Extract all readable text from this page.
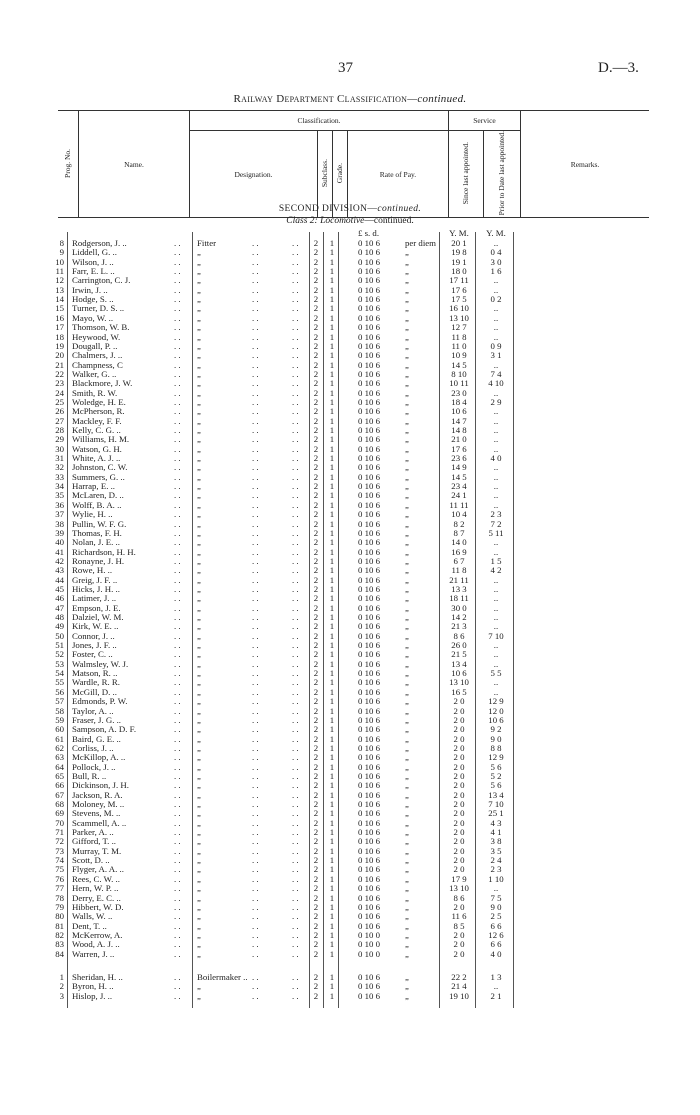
37	D.—3.
Railway Department Classification—continued.
Prog. No.	Name.	Classification.				Service		Remarks.
		Designation.	Subclass.	Grade.	Rate of Pay.	Since last appointed.	Prior to Date last appointed.	
SECOND DIVISION—continued.
Class 2: Locomotive—continued.
£ s. d.	Y. M.	Y. M.
8 Rodgerson, J. ..	Fitter	2 1	0 10 6	per diem	20 1	..
. .	. .	. .
9 Liddell, G. ..	„	2 1	0 10 6	„	19 8	0 4
. .	. .	. .
10 Wilson, J. ..	„	2 1	0 10 6	„	19 1	3 0
. .	. .	. .
11 Farr, E. L. ..	„	2 1	0 10 6	„	18 0	1 6
. .	. .	. .
12 Carrington, C. J.	„	2 1	0 10 6	„	17 11	..
. .	. .	. .
13 Irwin, J. ..	„	2 1	0 10 6	„	17 6	..
. .	. .	. .
14 Hodge, S. ..	„	2 1	0 10 6	„	17 5	0 2
. .	. .	. .
15 Turner, D. S. ..	„	2 1	0 10 6	„	16 10	..
. .	. .	. .
16 Mayo, W. ..	„	2 1	0 10 6	„	13 10	..
. .	. .	. .
17 Thomson, W. B.	„	2 1	0 10 6	„	12 7	..
. .	. .	. .
18 Heywood, W.	„	2 1	0 10 6	„	11 8	..
. .	. .	. .
19 Dougall, P. ..	„	2 1	0 10 6	„	11 0	0 9
. .	. .	. .
20 Chalmers, J. ..	„	2 1	0 10 6	„	10 9	3 1
. .	. .	. .
21 Champness, C	„	2 1	0 10 6	„	14 5	..
. .	. .	. .
22 Walker, G. ..	„	2 1	0 10 6	„	8 10	7 4
. .	. .	. .
23 Blackmore, J. W.	„	2 1	0 10 6	„	10 11	4 10
. .	. .	. .
24 Smith, R. W.	„	2 1	0 10 6	„	23 0	..
. .	. .	. .
25 Woledge, H. E.	„	2 1	0 10 6	„	18 4	2 9
. .	. .	. .
26 McPherson, R.	„	2 1	0 10 6	„	10 6	..
. .	. .	. .
27 Mackley, F. F.	„	2 1	0 10 6	„	14 7	..
. .	. .	. .
28 Kelly, C. G. ..	„	2 1	0 10 6	„	14 8	..
. .	. .	. .
29 Williams, H. M.	„	2 1	0 10 6	„	21 0	..
. .	. .	. .
30 Watson, G. H.	„	2 1	0 10 6	„	17 6	..
. .	. .	. .
31 White, A. J. ..	„	2 1	0 10 6	„	23 6	4 0
. .	. .	. .
32 Johnston, C. W.	„	2 1	0 10 6	„	14 9	..
. .	. .	. .
33 Summers, G. ..	„	2 1	0 10 6	„	14 5	..
. .	. .	. .
34 Harrap, E. ..	„	2 1	0 10 6	„	23 4	..
. .	. .	. .
35 McLaren, D. ..	„	2 1	0 10 6	„	24 1	..
. .	. .	. .
36 Wolff, B. A. ..	„	2 1	0 10 6	„	11 11	..
. .	. .	. .
37 Wylie, H. ..	„	2 1	0 10 6	„	10 4	2 3
. .	. .	. .
38 Pullin, W. F. G.	„	2 1	0 10 6	„	8 2	7 2
. .	. .	. .
39 Thomas, F. H.	„	2 1	0 10 6	„	8 7	5 11
. .	. .	. .
40 Nolan, J. E. ..	„	2 1	0 10 6	„	14 0	..
. .	. .	. .
41 Richardson, H. H.	„	2 1	0 10 6	„	16 9	..
. .	. .	. .
42 Ronayne, J. H.	„	2 1	0 10 6	„	6 7	1 5
. .	. .	. .
43 Rowe, H. ..	„	2 1	0 10 6	„	11 8	4 2
. .	. .	. .
44 Greig, J. F. ..	„	2 1	0 10 6	„	21 11	..
. .	. .	. .
45 Hicks, J. H. ..	„	2 1	0 10 6	„	13 3	..
. .	. .	. .
46 Latimer, J. ..	„	2 1	0 10 6	„	18 11	..
. .	. .	. .
47 Empson, J. E.	„	2 1	0 10 6	„	30 0	..
. .	. .	. .
48 Dalziel, W. M.	„	2 1	0 10 6	„	14 2	..
. .	. .	. .
49 Kirk, W. E. ..	„	2 1	0 10 6	„	21 3	..
. .	. .	. .
50 Connor, J. ..	„	2 1	0 10 6	„	8 6	7 10
. .	. .	. .
51 Jones, J. F. ..	„	2 1	0 10 6	„	26 0	..
. .	. .	. .
52 Foster, C. ..	„	2 1	0 10 6	„	21 5	..
. .	. .	. .
53 Walmsley, W. J.	„	2 1	0 10 6	„	13 4	..
. .	. .	. .
54 Matson, R. ..	„	2 1	0 10 6	„	10 6	5 5
. .	. .	. .
55 Wardle, R. R.	„	2 1	0 10 6	„	13 10	..
. .	. .	. .
56 McGill, D. ..	„	2 1	0 10 6	„	16 5	..
. .	. .	. .
57 Edmonds, P. W.	„	2 1	0 10 6	„	2 0	12 9
. .	. .	. .
58 Taylor, A. ..	„	2 1	0 10 6	„	2 0	12 0
. .	. .	. .
59 Fraser, J. G. ..	„	2 1	0 10 6	„	2 0	10 6
. .	. .	. .
60 Sampson, A. D. F.	„	2 1	0 10 6	„	2 0	9 2
. .	. .	. .
61 Baird, G. E. ..	„	2 1	0 10 6	„	2 0	9 0
. .	. .	. .
62 Corliss, J. ..	„	2 1	0 10 6	„	2 0	8 8
. .	. .	. .
63 McKillop, A. ..	„	2 1	0 10 6	„	2 0	12 9
. .	. .	. .
64 Pollock, J. ..	„	2 1	0 10 6	„	2 0	5 6
. .	. .	. .
65 Bull, R. ..	„	2 1	0 10 6	„	2 0	5 2
. .	. .	. .
66 Dickinson, J. H.	„	2 1	0 10 6	„	2 0	5 6
. .	. .	. .
67 Jackson, R. A.	„	2 1	0 10 6	„	2 0	13 4
. .	. .	. .
68 Moloney, M. ..	„	2 1	0 10 6	„	2 0	7 10
. .	. .	. .
69 Stevens, M. ..	„	2 1	0 10 6	„	2 0	25 1
. .	. .	. .
70 Scammell, A. ..	„	2 1	0 10 6	„	2 0	4 3
. .	. .	. .
71 Parker, A. ..	„	2 1	0 10 6	„	2 0	4 1
. .	. .	. .
72 Gifford, T. ..	„	2 1	0 10 6	„	2 0	3 8
. .	. .	. .
73 Murray, T. M.	„	2 1	0 10 6	„	2 0	3 5
. .	. .	. .
74 Scott, D. ..	„	2 1	0 10 6	„	2 0	2 4
. .	. .	. .
75 Flyger, A. A. ..	„	2 1	0 10 6	„	2 0	2 3
. .	. .	. .
76 Rees, C. W. ..	„	2 1	0 10 6	„	17 9	1 10
. .	. .	. .
77 Hern, W. P. ..	„	2 1	0 10 6	„	13 10	..
. .	. .	. .
78 Derry, E. C. ..	„	2 1	0 10 6	„	8 6	7 5
. .	. .	. .
79 Hibbert, W. D.	„	2 1	0 10 6	„	2 0	9 0
. .	. .	. .
80 Walls, W. ..	„	2 1	0 10 6	„	11 6	2 5
. .	. .	. .
81 Dent, T. ..	„	2 1	0 10 6	„	8 5	6 6
. .	. .	. .
82 McKerrow, A.	„	2 1	0 10 0	„	2 0	12 6
. .	. .	. .
83 Wood, A. J. ..	„	2 1	0 10 0	„	2 0	6 6
. .	. .	. .
84 Warren, J. ..	„	2 1	0 10 0	„	2 0	4 0
. .	. .	. .
1 Sheridan, H. ..	Boilermaker ..	2 1	0 10 6	„	22 2	1 3
. .	. .	. .
2 Byron, H. ..	„	2 1	0 10 6	„	21 4	..
. .	. .	. .
3 Hislop, J. ..	„	2 1	0 10 6	„	19 10	2 1
. .	. .	. .
